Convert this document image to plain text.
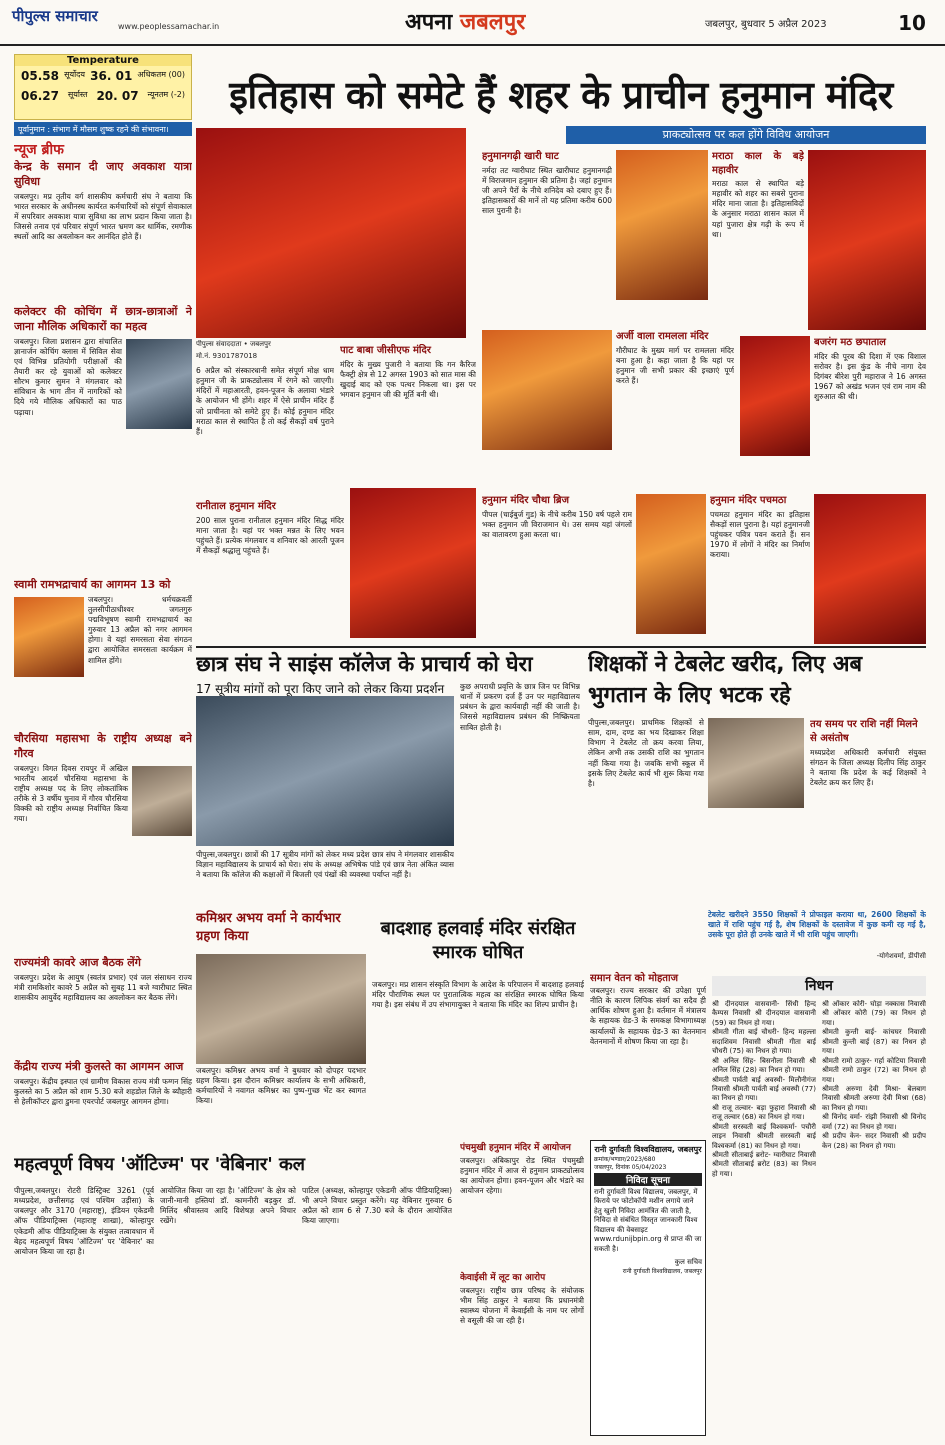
पीपुल्स समाचार
www.peoplessamachar.in	अपना जबलपुर	जबलपुर, बुधवार 5 अप्रैल 2023	10
Temperature
05.58 सूर्योदय 36. 01 अधिकतम (00)
06.27 सूर्यास्त 20. 07 न्यूनतम (-2)
पूर्वानुमान : संभाग में मौसम शुष्क रहने की संभावना।
न्यूज ब्रीफ
केन्द्र के समान दी जाए अवकाश यात्रा सुविधा

जबलपुर। मप्र तृतीय वर्ग शासकीय कर्मचारी संघ ने बताया कि भारत सरकार के अधीनस्थ कार्यरत कर्मचारियों को संपूर्ण सेवाकाल में सपरिवार अवकाश यात्रा सुविधा का लाभ प्रदान किया जाता है। जिससे तनाव एवं परिवार संपूर्ण भारत भ्रमण कर धार्मिक, रमणीक स्थलों आदि का अवलोकन कर आनंदित होते हैं।

कलेक्टर की कोचिंग में छात्र-छात्राओं ने जाना मौलिक अधिकारों का महत्व

जबलपुर। जिला प्रशासन द्वारा संचालित ज्ञानार्जन कोचिंग क्लास में सिविल सेवा एवं विभिन्न प्रतियोगी परीक्षाओं की तैयारी कर रहे युवाओं को कलेक्टर सौरभ कुमार सुमन ने मंगलवार को संविधान के भाग तीन में नागरिकों को दिये गये मौलिक अधिकारों का पाठ पढ़ाया।

स्वामी रामभद्राचार्य का आगमन 13 को

जबलपुर। धर्मचक्रवर्ती तुलसीपीठाधीश्वर जगतगुरु पद्मविभूषण स्वामी रामभद्राचार्य का गुरुवार 13 अप्रैल को नगर आगमन होगा। वे यहां समरसता सेवा संगठन द्वारा आयोजित समरसता कार्यक्रम में शामिल होंगे।

चौरसिया महासभा के राष्ट्रीय अध्यक्ष बने गौरव

जबलपुर। विगत दिवस रायपुर में अखिल भारतीय आदर्श चौरसिया महासभा के राष्ट्रीय अध्यक्ष पद के लिए लोकतांत्रिक तरीके से 3 वर्षीय चुनाव में गौरव चौरसिया विक्की को राष्ट्रीय अध्यक्ष निर्वाचित किया गया।

राज्यमंत्री कावरे आज बैठक लेंगे

जबलपुर। प्रदेश के आयुष (स्वतंत्र प्रभार) एवं जल संसाधन राज्य मंत्री रामकिशोर कावरे 5 अप्रैल को सुबह 11 बजे ग्वारीघाट स्थित शासकीय आयुर्वेद महाविद्यालय का अवलोकन कर बैठक लेंगे।

केंद्रीय राज्य मंत्री कुलस्ते का आगमन आज

जबलपुर। केंद्रीय इस्पात एवं ग्रामीण विकास राज्य मंत्री फग्गन सिंह कुलस्ते का 5 अप्रैल को शाम 5.30 बजे शहडोल जिले के ब्यौहारी से हेलीकॉप्टर द्वारा डुमना एयरपोर्ट जबलपुर आगमन होगा।

इतिहास को समेटे हैं शहर के प्राचीन हनुमान मंदिर
प्राकट्योत्सव पर कल होंगे विविध आयोजन
पीपुल्स संवाददाता • जबलपुर
मो.नं. 9301787018

6 अप्रैल को संस्कारधानी समेत संपूर्ण मोक्ष धाम हनुमान जी के प्राकट्योत्सव में रंगने को जाएगी। मंदिरों में महाआरती, हवन-पूजन के अलावा भंडारे के आयोजन भी होंगे। शहर में ऐसे प्राचीन मंदिर हैं जो प्राचीनता को समेटे हुए हैं। कोई हनुमान मंदिर मराठा काल से स्थापित है तो कई सैकड़ों वर्ष पुराने हैं।

पाट बाबा जीसीएफ मंदिर

मंदिर के मुख्य पुजारी ने बताया कि गन कैरिज फैक्ट्री क्षेत्र से 12 अगस्त 1903 को सात मास की खुदाई बाद को एक पत्थर निकला था। इस पर भगवान हनुमान जी की मूर्ति बनी थी।

हनुमानगढ़ी खारी घाट

नर्मदा तट ग्वारीघाट स्थित खारीघाट हनुमानगढ़ी में विराजमान हनुमान की प्रतिमा है। जहां हनुमान जी अपने पैरों के नीचे शनिदेव को दबाए हुए हैं। इतिहासकारों की मानें तो यह प्रतिमा करीब 600 साल पुरानी है।

मराठा काल के बड़े महावीर

मराठा काल से स्थापित बड़े महावीर को शहर का सबसे पुराना मंदिर माना जाता है। इतिहासविदों के अनुसार मराठा शासन काल में यहां पुजारा क्षेत्र गढ़ी के रूप में था।

अर्जी वाला रामलला मंदिर

गौरीघाट के मुख्य मार्ग पर रामलला मंदिर बना हुआ है। कहा जाता है कि यहां पर हनुमान जी सभी प्रकार की इच्छाएं पूर्ण करते हैं।

बजरंग मठ छपाताल

मंदिर की पूरब की दिशा में एक विशाल सरोवर है। इस कुंड के नीचे नागा देव दिगंबर बीरेश पुरी महाराज ने 16 अगस्त 1967 को अखंड भजन एवं राम नाम की शुरुआत की थी।

रानीताल हनुमान मंदिर

200 साल पुराना रानीताल हनुमान मंदिर सिद्ध मंदिर माना जाता है। यहां पर भक्त मन्नत के लिए भवन पहुंचते हैं। प्रत्येक मंगलवार व शनिवार को आरती पूजन में सैकड़ों श्रद्धालु पहुंचते हैं।

हनुमान मंदिर चौथा ब्रिज

पीपल (चाईबुर्ज गुड) के नीचे करीब 150 वर्ष पहले राम भक्त हनुमान जी विराजमान थे। उस समय यहां जंगलों का वातावरण हुआ करता था।

हनुमान मंदिर पचमठा

पचमठा हनुमान मंदिर का इतिहास सैकड़ों साल पुराना है। यहां हनुमानजी पहुंचकर पवित्र पवन कराते हैं। सन 1970 में लोगों ने मंदिर का निर्माण कराया।

छात्र संघ ने साइंस कॉलेज के प्राचार्य को घेरा
17 सूत्रीय मांगों को पूरा किए जाने को लेकर किया प्रदर्शन

पीपुल्स,जबलपुर। छात्रों की 17 सूत्रीय मांगों को लेकर मध्य प्रदेश छात्र संघ ने मंगलवार शासकीय विज्ञान महाविद्यालय के प्राचार्य को घेरा। संघ के अध्यक्ष अभिषेक पांडे एवं छात्र नेता अंकित व्यास ने बताया कि कॉलेज की कक्षाओं में बिजली एवं पंखों की व्यवस्था पर्याप्त नहीं है।

कुछ अपराधी प्रवृत्ति के छात्र जिन पर विभिन्न थानों में प्रकरण दर्ज हैं उन पर महाविद्यालय प्रबंधन के द्वारा कार्यवाही नहीं की जाती है। जिससे महाविद्यालय प्रबंधन की निष्क्रियता साबित होती है।

कमिश्नर अभय वर्मा ने कार्यभार ग्रहण किया

जबलपुर। कमिश्नर अभय वर्मा ने बुधवार को दोपहर पदभार ग्रहण किया। इस दौरान कमिश्नर कार्यालय के सभी अधिकारी, कर्मचारियों ने नवागत कमिश्नर का पुष्प-गुच्छ भेंट कर स्वागत किया।

बादशाह हलवाई मंदिर संरक्षित स्मारक घोषित

जबलपुर। मप्र शासन संस्कृति विभाग के आदेश के परिपालन में बादशाह हलवाई मंदिर पौराणिक स्थल पर पुरातात्विक महत्व का संरक्षित स्मारक घोषित किया गया है। इस संबंध में उप संभागायुक्त ने बताया कि मंदिर का शिल्प प्राचीन है।

शिक्षकों ने टेबलेट खरीद, लिए अब भुगतान के लिए भटक रहे

पीपुल्स,जबलपुर। प्राथमिक शिक्षकों से साम, दाम, दण्ड का भय दिखाकर शिक्षा विभाग ने टेबलेट तो क्रय करवा लिया, लेकिन अभी तक उसकी राशि का भुगतान नहीं किया गया है। जबकि सभी स्कूल में इसके लिए टेबलेट कार्य भी शुरू किया गया है।

तय समय पर राशि नहीं मिलने से असंतोष

मध्यप्रदेश अधिकारी कर्मचारी संयुक्त संगठन के जिला अध्यक्ष दिलीप सिंह ठाकुर ने बताया कि प्रदेश के कई शिक्षकों ने टेबलेट क्रय कर लिए हैं।

टेबलेट खरीदने 3550 शिक्षकों ने प्रोफाइल कराया था, 2600 शिक्षकों के खाते में राशि पहुंच गई है, शेष शिक्षकों के दस्तावेज में कुछ कमी रह गई है, उसके पूरा होते ही उनके खाते में भी राशि पहुंच जाएगी।

-योगेशवर्मा, डीपीसी
समान वेतन को मोहताज

जबलपुर। राज्य सरकार की उपेक्षा पूर्ण नीति के कारण लिपिक संवर्ग का सदैव ही आर्थिक शोषण हुआ है। वर्तमान में मंत्रालय के सहायक ग्रेड-3 के समकक्ष विभागाध्यक्ष कार्यालयों के सहायक ग्रेड-3 का वेतनमान वेतनमानों में शोषण किया जा रहा है।

महत्वपूर्ण विषय 'ऑटिज्म' पर 'वेबिनार' कल

पीपुल्स,जबलपुर। रोटरी डिस्ट्रिक्ट 3261 (पूर्व मध्यप्रदेश, छत्तीसगढ़ एवं पश्चिम उड़ीसा) के जबलपुर और 3170 (महाराष्ट्र), इंडियन एकेडमी ऑफ पीडियाट्रिक्स (महाराष्ट्र शाखा), कोल्हापुर एकेडमी ऑफ पीडियाट्रिक्स के संयुक्त तत्वावधान में बेहद महत्वपूर्ण विषय 'ऑटिज्म' पर 'वेबिनार' का आयोजन किया जा रहा है।

आयोजित किया जा रहा है। 'ऑटिज्म' के क्षेत्र को जानी-मानी हस्तियां डॉ. कामनीरी बड़कुर डॉ. मिलिंद श्रीवास्तव आदि विशेषज्ञ अपने विचार रखेंगे।

पाटिल (अध्यक्ष, कोल्हापुर एकेडमी ऑफ पीडियाट्रिक्स) भी अपने विचार प्रस्तुत करेंगे। यह वेबिनार गुरुवार 6 अप्रैल को शाम 6 से 7.30 बजे के दौरान आयोजित किया जाएगा।

पंचमुखी हनुमान मंदिर में आयोजन

जबलपुर। अंबिकापुर रोड स्थित पंचमुखी हनुमान मंदिर में आज से हनुमान प्राकट्योत्सव का आयोजन होगा। हवन-पूजन और भंडारे का आयोजन रहेगा।

केवाईसी में लूट का आरोप

जबलपुर। राष्ट्रीय छात्र परिषद के संयोजक भीम सिंह ठाकुर ने बताया कि प्रधानमंत्री स्वास्थ्य योजना में केवाईसी के नाम पर लोगों से वसूली की जा रही है।

रानी दुर्गावती विश्वविद्यालय, जबलपुर
क्रमांक/भण्डार/2023/680
जबलपुर, दिनांक 05/04/2023
निविदा सूचना
रानी दुर्गावती विश्व विद्यालय, जबलपुर, में किराये पर फोटोकॉपी मशीन लगाये जाने हेतु खुली निविदा आमंत्रित की जाती है, निविदा से संबंधित विस्तृत जानकारी विश्व विद्यालय की वेबसाइट www.rdunijbpin.org से प्राप्त की जा सकती है।
कुल सचिव
रानी दुर्गावती विश्वविद्यालय, जबलपुर
निधन

श्री दीनदयाल वासवानी- सिंधी हिन्द कैम्पस निवासी श्री दीनदयाल वासवानी (59) का निधन हो गया।

श्रीमती गीता बाई चौधरी- हिन्द महल्ला सदाशिवम निवासी श्रीमती गीता बाई चौधरी (75) का निधन हो गया।

श्री अनिल सिंह- बिसनौला निवासी श्री अनिल सिंह (28) का निधन हो गया।

श्रीमती पार्वती बाई अवस्थी- मिलौनीगंज निवासी श्रीमती पार्वती बाई अवस्थी (77) का निधन हो गया।

श्री राजू तल्वार- बड़ा फुहारा निवासी श्री राजू तल्वार (68) का निधन हो गया।

श्रीमती सरस्वती बाई विश्वकर्मा- पचौरी लाइन निवासी श्रीमती सरस्वती बाई विश्वकर्मा (81) का निधन हो गया।

श्रीमती सीताबाई ब्ररोट- ग्वारीघाट निवासी श्रीमती सीताबाई ब्ररोट (83) का निधन हो गया।

श्री ओंकार कोरी- घोड़ा नक्कास निवासी श्री ओंकार कोरी (79) का निधन हो गया।

श्रीमती कुन्ती बाई- कांचघर निवासी श्रीमती कुन्ती बाई (87) का निधन हो गया।

श्रीमती रामो ठाकुर- गर्हा कोटिया निवासी श्रीमती रामो ठाकुर (72) का निधन हो गया।

श्रीमती अरुणा देवी मिश्रा- बेलबाग निवासी श्रीमती अरुणा देवी मिश्रा (68) का निधन हो गया।

श्री विनोद वर्मा- रांझी निवासी श्री विनोद वर्मा (72) का निधन हो गया।

श्री प्रदीप केन- सदर निवासी श्री प्रदीप केन (28) का निधन हो गया।
